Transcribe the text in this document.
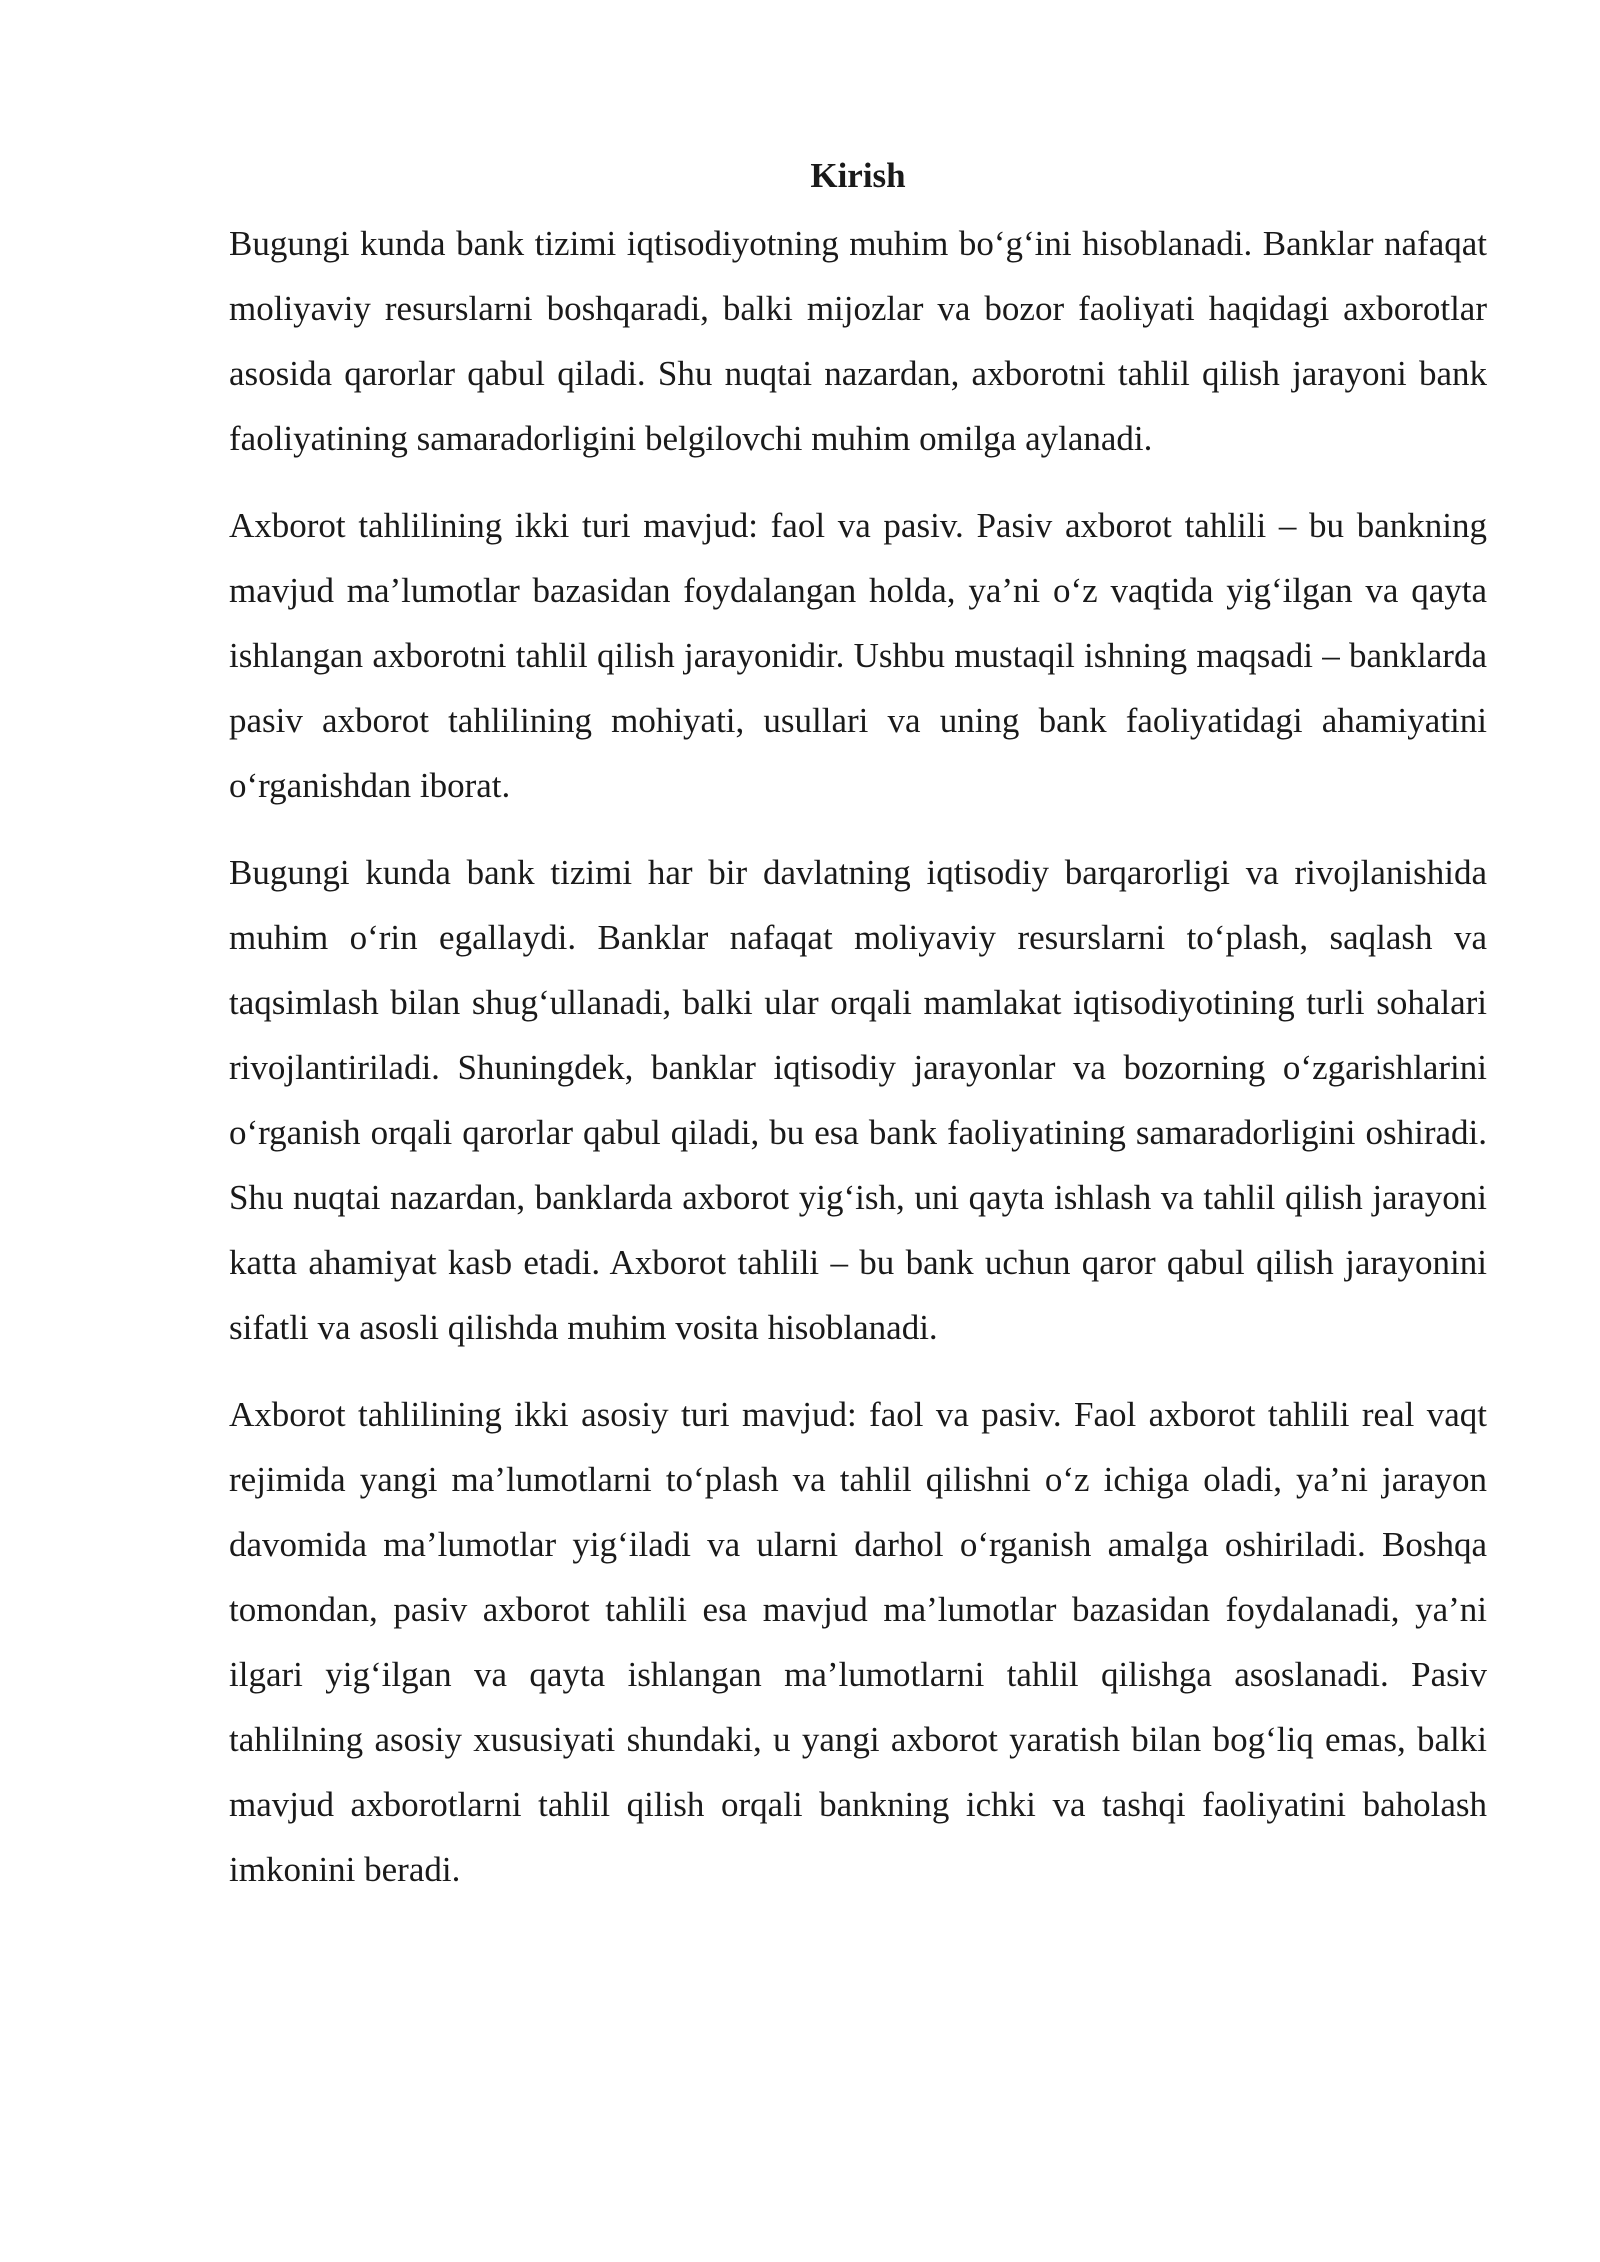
Kirish

Bugungi kunda bank tizimi iqtisodiyotning muhim bo‘g‘ini hisoblanadi. Banklar nafaqat moliyaviy resurslarni boshqaradi, balki mijozlar va bozor faoliyati haqidagi axborotlar asosida qarorlar qabul qiladi. Shu nuqtai nazardan, axborotni tahlil qilish jarayoni bank faoliyatining samaradorligini belgilovchi muhim omilga aylanadi.

Axborot tahlilining ikki turi mavjud: faol va pasiv. Pasiv axborot tahlili – bu bankning mavjud ma’lumotlar bazasidan foydalangan holda, ya’ni o‘z vaqtida yig‘ilgan va qayta ishlangan axborotni tahlil qilish jarayonidir. Ushbu mustaqil ishning maqsadi – banklarda pasiv axborot tahlilining mohiyati, usullari va uning bank faoliyatidagi ahamiyatini o‘rganishdan iborat.

Bugungi kunda bank tizimi har bir davlatning iqtisodiy barqarorligi va rivojlanishida muhim o‘rin egallaydi. Banklar nafaqat moliyaviy resurslarni to‘plash, saqlash va taqsimlash bilan shug‘ullanadi, balki ular orqali mamlakat iqtisodiyotining turli sohalari rivojlantiriladi. Shuningdek, banklar iqtisodiy jarayonlar va bozorning o‘zgarishlarini o‘rganish orqali qarorlar qabul qiladi, bu esa bank faoliyatining samaradorligini oshiradi. Shu nuqtai nazardan, banklarda axborot yig‘ish, uni qayta ishlash va tahlil qilish jarayoni katta ahamiyat kasb etadi. Axborot tahlili – bu bank uchun qaror qabul qilish jarayonini sifatli va asosli qilishda muhim vosita hisoblanadi.

Axborot tahlilining ikki asosiy turi mavjud: faol va pasiv. Faol axborot tahlili real vaqt rejimida yangi ma’lumotlarni to‘plash va tahlil qilishni o‘z ichiga oladi, ya’ni jarayon davomida ma’lumotlar yig‘iladi va ularni darhol o‘rganish amalga oshiriladi. Boshqa tomondan, pasiv axborot tahlili esa mavjud ma’lumotlar bazasidan foydalanadi, ya’ni ilgari yig‘ilgan va qayta ishlangan ma’lumotlarni tahlil qilishga asoslanadi. Pasiv tahlilning asosiy xususiyati shundaki, u yangi axborot yaratish bilan bog‘liq emas, balki mavjud axborotlarni tahlil qilish orqali bankning ichki va tashqi faoliyatini baholash imkonini beradi.
